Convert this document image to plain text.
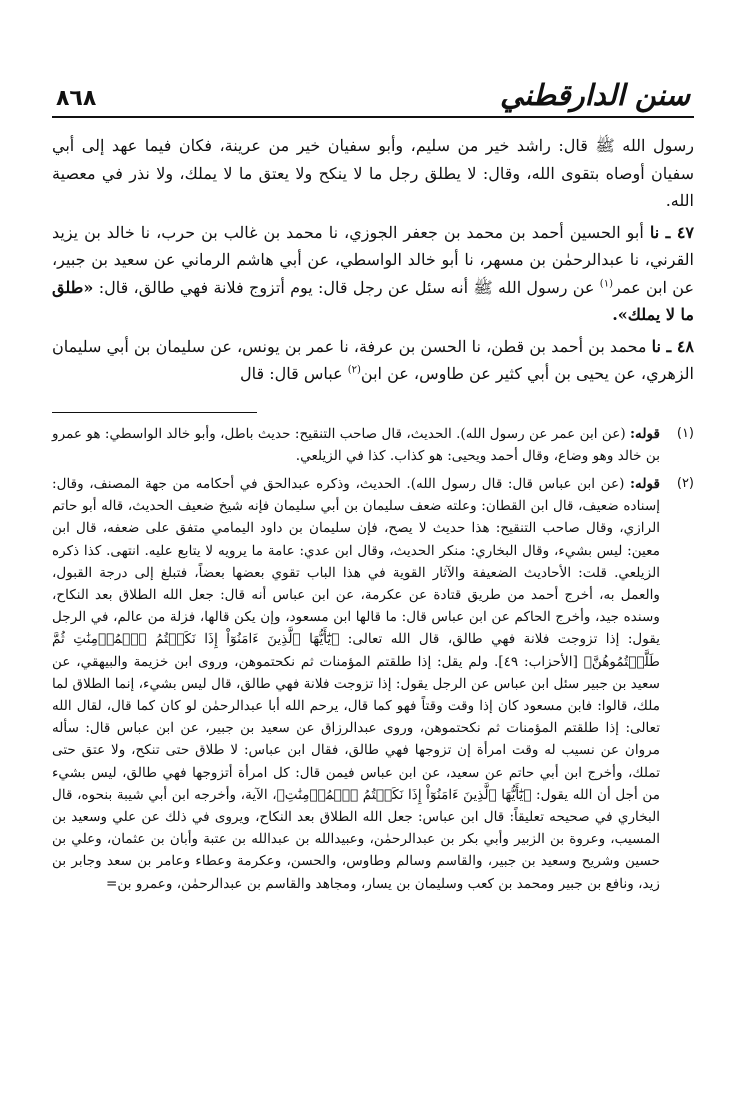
سنن الدارقطني
٨٦٨

رسول الله ﷺ قال: راشد خير من سليم، وأبو سفيان خير من عرينة، فكان فيما عهد إلى أبي سفيان أوصاه بتقوى الله، وقال: لا يطلق رجل ما لا ينكح ولا يعتق ما لا يملك، ولا نذر في معصية الله.

٤٧ ـ نا أبو الحسين أحمد بن محمد بن جعفر الجوزي، نا محمد بن غالب بن حرب، نا خالد بن يزيد القرني، نا عبدالرحمٰن بن مسهر، نا أبو خالد الواسطي، عن أبي هاشم الرماني عن سعيد بن جبير، عن ابن عمر$^{(١)}$ عن رسول الله ﷺ أنه سئل عن رجل قال: يوم أتزوج فلانة فهي طالق، قال: «طلق ما لا يملك».

٤٨ ـ نا محمد بن أحمد بن قطن، نا الحسن بن عرفة، نا عمر بن يونس، عن سليمان بن أبي سليمان الزهري، عن يحيى بن أبي كثير عن طاوس، عن ابن$^{(٢)}$ عباس قال: قال

(١)
قوله: (عن ابن عمر عن رسول الله). الحديث، قال صاحب التنقيح: حديث باطل، وأبو خالد الواسطي: هو عمرو بن خالد وهو وضاع، وقال أحمد ويحيى: هو كذاب. كذا في الزيلعي.
(٢)
قوله: (عن ابن عباس قال: قال رسول الله). الحديث، وذكره عبدالحق في أحكامه من جهة المصنف، وقال: إسناده ضعيف، قال ابن القطان: وعلته ضعف سليمان بن أبي سليمان فإنه شيخ ضعيف الحديث، قاله أبو حاتم الرازي، وقال صاحب التنقيح: هذا حديث لا يصح، فإن سليمان بن داود اليمامي متفق على ضعفه، قال ابن معين: ليس بشيء، وقال البخاري: منكر الحديث، وقال ابن عدي: عامة ما يرويه لا يتابع عليه. انتهى. كذا ذكره الزيلعي. قلت: الأحاديث الضعيفة والآثار القوية في هذا الباب تقوي بعضها بعضاً، فتبلغ إلى درجة القبول، والعمل به، أخرج أحمد من طريق قتادة عن عكرمة، عن ابن عباس أنه قال: جعل الله الطلاق بعد النكاح، وسنده جيد، وأخرج الحاكم عن ابن عباس قال: ما قالها ابن مسعود، وإن يكن قالها، فزلة من عالم، في الرجل يقول: إذا تزوجت فلانة فهي طالق، قال الله تعالى: ﴿يَٰٓأَيُّهَا ٱلَّذِينَ ءَامَنُوٓاْ إِذَا نَكَحۡتُمُ ٱلۡمُؤۡمِنَٰتِ ثُمَّ طَلَّقۡتُمُوهُنَّ﴾ [الأحزاب: ٤٩]. ولم يقل: إذا طلقتم المؤمنات ثم نكحتموهن، وروى ابن خزيمة والبيهقي، عن سعيد بن جبير سئل ابن عباس عن الرجل يقول: إذا تزوجت فلانة فهي طالق، قال ليس بشيء، إنما الطلاق لما ملك، قالوا: فابن مسعود كان إذا وقت وقتاً فهو كما قال، يرحم الله أبا عبدالرحمٰن لو كان كما قال، لقال الله تعالى: إذا طلقتم المؤمنات ثم نكحتموهن، وروى عبدالرزاق عن سعيد بن جبير، عن ابن عباس قال: سأله مروان عن نسيب له وقت امرأة إن تزوجها فهي طالق، فقال ابن عباس: لا طلاق حتى تنكح، ولا عتق حتى تملك، وأخرج ابن أبي حاتم عن سعيد، عن ابن عباس فيمن قال: كل امرأة أتزوجها فهي طالق، ليس بشيء من أجل أن الله يقول: ﴿يَٰٓأَيُّهَا ٱلَّذِينَ ءَامَنُوٓاْ إِذَا نَكَحۡتُمُ ٱلۡمُؤۡمِنَٰتِ﴾، الآية، وأخرجه ابن أبي شيبة بنحوه، قال البخاري في صحيحه تعليقاً: قال ابن عباس: جعل الله الطلاق بعد النكاح، ويروى في ذلك عن علي وسعيد بن المسيب، وعروة بن الزبير وأبي بكر بن عبدالرحمٰن، وعبيدالله بن عبدالله بن عتبة وأبان بن عثمان، وعلي بن حسين وشريح وسعيد بن جبير، والقاسم وسالم وطاوس، والحسن، وعكرمة وعطاء وعامر بن سعد وجابر بن زيد، ونافع بن جبير ومحمد بن كعب وسليمان بن يسار، ومجاهد والقاسم بن عبدالرحمٰن، وعمرو بن=
